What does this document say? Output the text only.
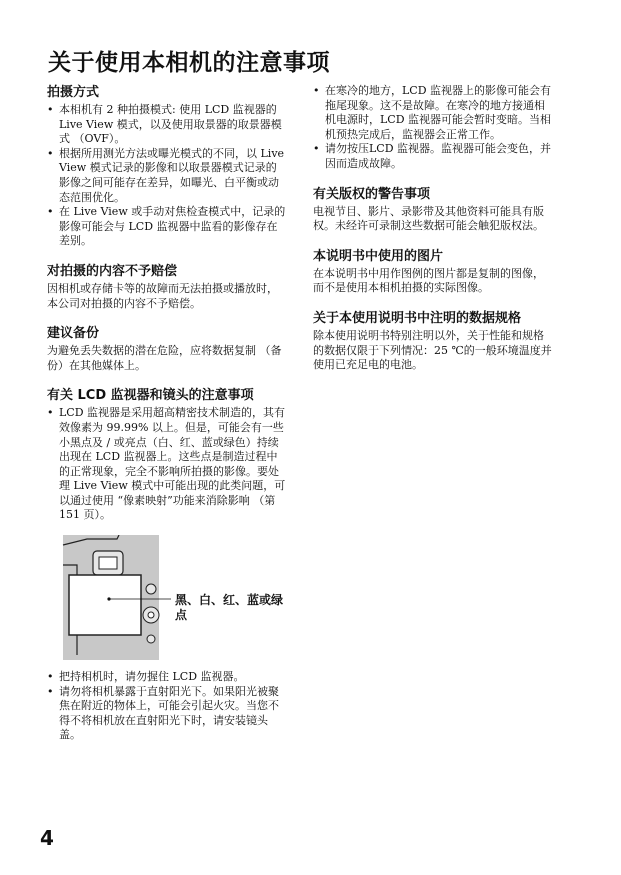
关于使用本相机的注意事项
拍摄方式
• 本相机有 2 种拍摄模式: 使用 LCD 监视器的 Live View 模式，以及使用取景器的取景器模式 （OVF）。
• 根据所用测光方法或曝光模式的不同，以 Live View 模式记录的影像和以取景器模式记录的影像之间可能存在差异，如曝光、白平衡或动态范围优化。
• 在 Live View 或手动对焦检查模式中，记录的影像可能会与 LCD 监视器中监看的影像存在差别。
对拍摄的内容不予赔偿

因相机或存储卡等的故障而无法拍摄或播放时，本公司对拍摄的内容不予赔偿。

建议备份

为避免丢失数据的潜在危险，应将数据复制 （备份）在其他媒体上。

有关 LCD 监视器和镜头的注意事项
• LCD 监视器是采用超高精密技术制造的，其有效像素为 99.99% 以上。但是，可能会有一些小黑点及 / 或亮点（白、红、蓝或绿色）持续出现在 LCD 监视器上。这些点是制造过程中的正常现象，完全不影响所拍摄的影像。要处理 Live View 模式中可能出现的此类问题，可以通过使用 “像素映射”功能来消除影响 （第 151 页）。
黑、白、红、蓝或绿点
• 把持相机时，请勿握住 LCD 监视器。
• 请勿将相机暴露于直射阳光下。如果阳光被聚焦在附近的物体上，可能会引起火灾。当您不得不将相机放在直射阳光下时，请安装镜头盖。
• 在寒冷的地方，LCD 监视器上的影像可能会有拖尾现象。这不是故障。在寒冷的地方接通相机电源时，LCD 监视器可能会暂时变暗。当相机预热完成后，监视器会正常工作。
• 请勿按压LCD 监视器。监视器可能会变色，并因而造成故障。
有关版权的警告事项

电视节目、影片、录影带及其他资料可能具有版权。未经许可录制这些数据可能会触犯版权法。

本说明书中使用的图片

在本说明书中用作图例的图片都是复制的图像，而不是使用本相机拍摄的实际图像。

关于本使用说明书中注明的数据规格

除本使用说明书特别注明以外，关于性能和规格的数据仅限于下列情况：25 ℃的一般环境温度并使用已充足电的电池。

4
